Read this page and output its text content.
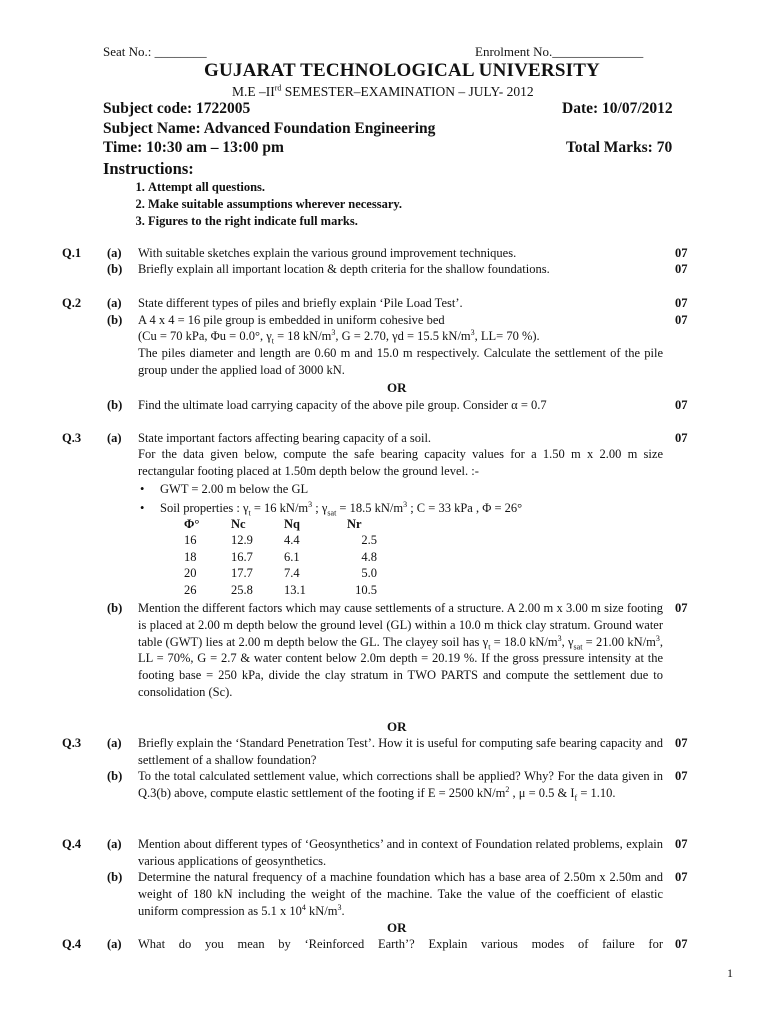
Seat No.: ________	Enrolment No.______________
GUJARAT TECHNOLOGICAL UNIVERSITY
M.E –IIrd SEMESTER–EXAMINATION – JULY- 2012
Subject code: 1722005	Date: 10/07/2012
Subject Name: Advanced Foundation Engineering
Time: 10:30 am – 13:00 pm	Total Marks: 70
Instructions:
1. Attempt all questions.
2. Make suitable assumptions wherever necessary.
3. Figures to the right indicate full marks.
Q.1 (a) With suitable sketches explain the various ground improvement techniques.	07
(b) Briefly explain all important location & depth criteria for the shallow foundations.	07
Q.2 (a) State different types of piles and briefly explain ‘Pile Load Test’.	07
(b) A 4 x 4 = 16 pile group is embedded in uniform cohesive bed	07
(Cu = 70 kPa, Φu = 0.0°, $\gamma_t = 18$ $kN/m^3$, G = 2.70, γd = 15.5 $kN/m^3$, LL= 70 %).
The piles diameter and length are 0.60 m and 15.0 m respectively. Calculate the settlement of the pile group under the applied load of 3000 kN.
OR
(b) Find the ultimate load carrying capacity of the above pile group. Consider α = 0.7	07
Q.3 (a) State important factors affecting bearing capacity of a soil.	07
For the data given below, compute the safe bearing capacity values for a 1.50 m x 2.00 m size rectangular footing placed at 1.50m depth below the ground level. :-
• GWT = 2.00 m below the GL
• Soil properties : $\gamma_t = 16$ $kN/m^3$ ; $\gamma_{sat} = 18.5$ $kN/m^3$ ; C = 33 kPa , Φ = 26°
Φ°	Nc	Nq	Nr
16	12.9	4.4	2.5
18	16.7	6.1	4.8
20	17.7	7.4	5.0
26	25.8	13.1	10.5
(b)	07
Mention the different factors which may cause settlements of a structure. A 2.00 m x 3.00 m size footing is placed at 2.00 m depth below the ground level (GL) within a 10.0 m thick clay stratum. Ground water table (GWT) lies at 2.00 m depth below the GL. The clayey soil has $\gamma_t = 18.0$ $kN/m^3$, $\gamma_{sat} = 21.00$ $kN/m^3$, LL = 70%, G = 2.7 & water content below 2.0m depth = 20.19 %. If the gross pressure intensity at the footing base = 250 kPa, divide the clay stratum in TWO PARTS and compute the settlement due to consolidation (Sc).
OR
Q.3 (a)	07
Briefly explain the ‘Standard Penetration Test’. How it is useful for computing safe bearing capacity and settlement of a shallow foundation?
(b)	07
To the total calculated settlement value, which corrections shall be applied? Why? For the data given in Q.3(b) above, compute elastic settlement of the footing if E = 2500 $kN/m^2$ , μ = 0.5 & $I_f = 1.10$.
Q.4 (a)	07
Mention about different types of ‘Geosynthetics’ and in context of Foundation related problems, explain various applications of geosynthetics.
(b)	07
Determine the natural frequency of a machine foundation which has a base area of 2.50m x 2.50m and weight of 180 kN including the weight of the machine. Take the value of the coefficient of elastic uniform compression as 5.1 x $10^4$ $kN/m^3$.
OR
Q.4 (a) What do you mean by ‘Reinforced Earth’? Explain various modes of failure for 07
1
